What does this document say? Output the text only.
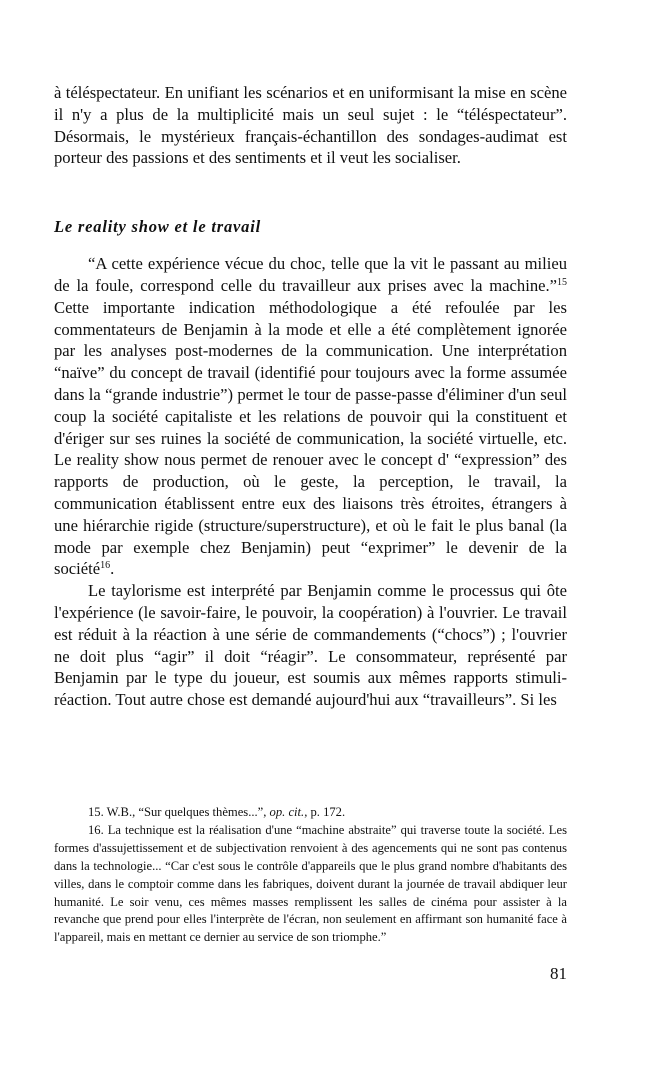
à téléspectateur. En unifiant les scénarios et en uniformisant la mise en scène il n'y a plus de la multiplicité mais un seul sujet : le “téléspectateur”. Désormais, le mystérieux français-échantillon des sondages-audimat est porteur des passions et des sentiments et il veut les socialiser.

Le reality show et le travail

“A cette expérience vécue du choc, telle que la vit le passant au milieu de la foule, correspond celle du travailleur aux prises avec la machine.”$^{15}$ Cette importante indication méthodologique a été refoulée par les commentateurs de Benjamin à la mode et elle a été complètement ignorée par les analyses post-modernes de la communication. Une interprétation “naïve” du concept de travail (identifié pour toujours avec la forme assumée dans la “grande industrie”) permet le tour de passe-passe d'éliminer d'un seul coup la société capitaliste et les relations de pouvoir qui la constituent et d'ériger sur ses ruines la société de communication, la société virtuelle, etc. Le reality show nous permet de renouer avec le concept d' “expression” des rapports de production, où le geste, la perception, le travail, la communication établissent entre eux des liaisons très étroites, étrangers à une hiérarchie rigide (structure/superstructure), et où le fait le plus banal (la mode par exemple chez Benjamin) peut “exprimer” le devenir de la société$^{16}$.

Le taylorisme est interprété par Benjamin comme le processus qui ôte l'expérience (le savoir-faire, le pouvoir, la coopération) à l'ouvrier. Le travail est réduit à la réaction à une série de commandements (“chocs”) ; l'ouvrier ne doit plus “agir” il doit “réagir”. Le consommateur, représenté par Benjamin par le type du joueur, est soumis aux mêmes rapports stimuli-réaction. Tout autre chose est demandé aujourd'hui aux “travailleurs”. Si les

15. W.B., “Sur quelques thèmes...”, op. cit., p. 172.

16. La technique est la réalisation d'une “machine abstraite” qui traverse toute la société. Les formes d'assujettissement et de subjectivation renvoient à des agencements qui ne sont pas contenus dans la technologie... “Car c'est sous le contrôle d'appareils que le plus grand nombre d'habitants des villes, dans le comptoir comme dans les fabriques, doivent durant la journée de travail abdiquer leur humanité. Le soir venu, ces mêmes masses remplissent les salles de cinéma pour assister à la revanche que prend pour elles l'interprète de l'écran, non seulement en affirmant son humanité face à l'appareil, mais en mettant ce dernier au service de son triomphe.”

81
